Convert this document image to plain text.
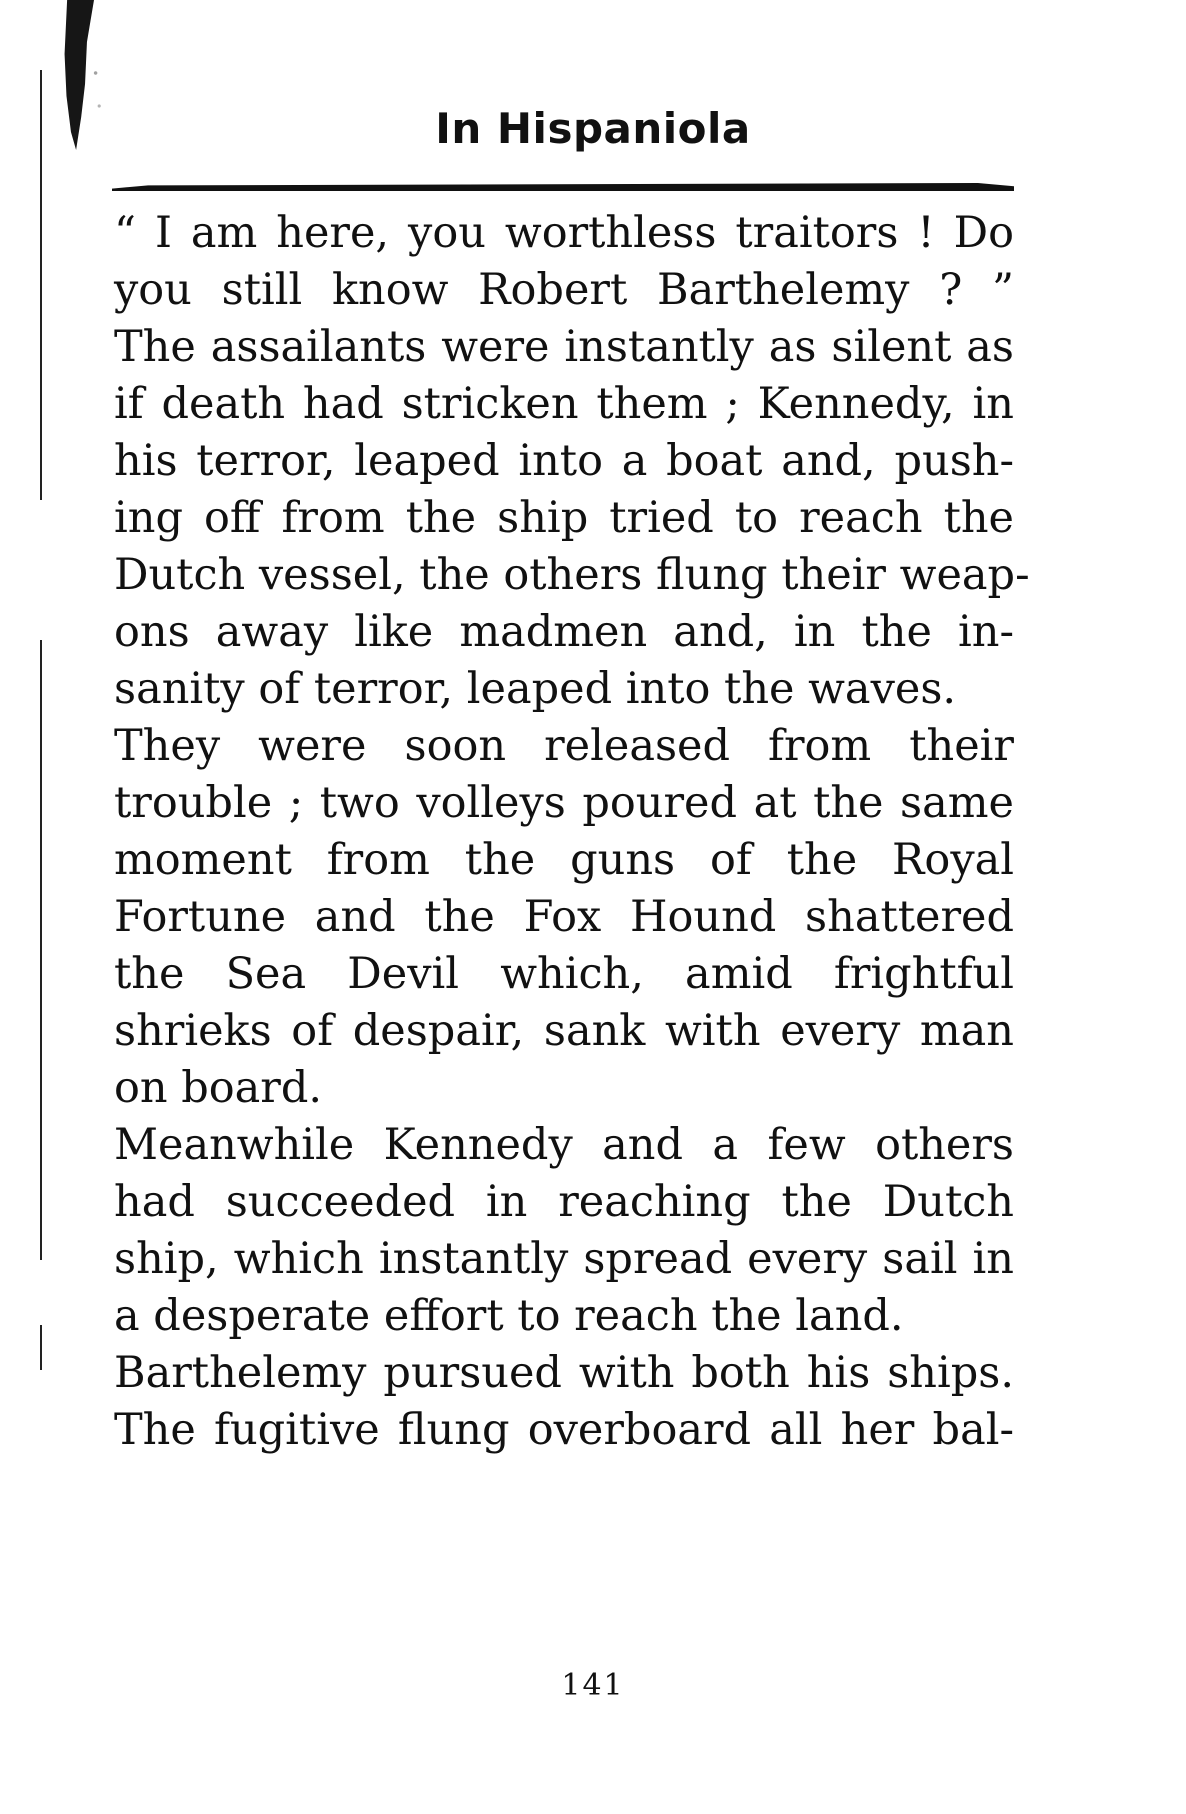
In Hispaniola
“ I am here, you worthless traitors ! Do
you still know Robert Barthelemy ? ”
The assailants were instantly as silent as
if death had stricken them ; Kennedy, in
his terror, leaped into a boat and, push-
ing off from the ship tried to reach the
Dutch vessel, the others flung their weap-
ons away like madmen and, in the in-
sanity of terror, leaped into the waves.
They were soon released from their
trouble ; two volleys poured at the same
moment from the guns of the Royal
Fortune and the Fox Hound shattered
the Sea Devil which, amid frightful
shrieks of despair, sank with every man
on board.
Meanwhile Kennedy and a few others
had succeeded in reaching the Dutch
ship, which instantly spread every sail in
a desperate effort to reach the land.
Barthelemy pursued with both his ships.
The fugitive flung overboard all her bal-
141
